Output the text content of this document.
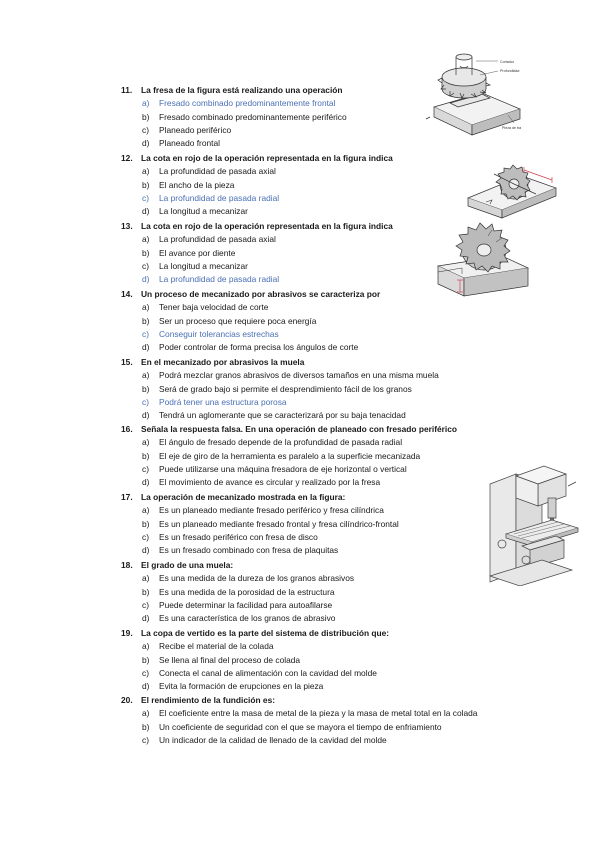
11. La fresa de la figura está realizando una operación
a) Fresado combinado predominantemente frontal
b) Fresado combinado predominantemente periférico
c) Planeado periférico
d) Planeado frontal
12. La cota en rojo de la operación representada en la figura indica
a) La profundidad de pasada axial
b) El ancho de la pieza
c) La profundidad de pasada radial
d) La longitud a mecanizar
13. La cota en rojo de la operación representada en la figura indica
a) La profundidad de pasada axial
b) El avance por diente
c) La longitud a mecanizar
d) La profundidad de pasada radial
14. Un proceso de mecanizado por abrasivos se caracteriza por
a) Tener baja velocidad de corte
b) Ser un proceso que requiere poca energía
c) Conseguir tolerancias estrechas
d) Poder controlar de forma precisa los ángulos de corte
15. En el mecanizado por abrasivos la muela
a) Podrá mezclar granos abrasivos de diversos tamaños en una misma muela
b) Será de grado bajo si permite el desprendimiento fácil de los granos
c) Podrá tener una estructura porosa
d) Tendrá un aglomerante que se caracterizará por su baja tenacidad
16. Señala la respuesta falsa. En una operación de planeado con fresado periférico
a) El ángulo de fresado depende de la profundidad de pasada radial
b) El eje de giro de la herramienta es paralelo a la superficie mecanizada
c) Puede utilizarse una máquina fresadora de eje horizontal o vertical
d) El movimiento de avance es circular y realizado por la fresa
17. La operación de mecanizado mostrada en la figura:
a) Es un planeado mediante fresado periférico y fresa cilíndrica
b) Es un planeado mediante fresado frontal y fresa cilíndrico-frontal
c) Es un fresado periférico con fresa de disco
d) Es un fresado combinado con fresa de plaquitas
18. El grado de una muela:
a) Es una medida de la dureza de los granos abrasivos
b) Es una medida de la porosidad de la estructura
c) Puede determinar la facilidad para autoafilarse
d) Es una característica de los granos de abrasivo
19. La copa de vertido es la parte del sistema de distribución que:
a) Recibe el material de la colada
b) Se llena al final del proceso de colada
c) Conecta el canal de alimentación con la cavidad del molde
d) Evita la formación de erupciones en la pieza
20. El rendimiento de la fundición es:
a) El coeficiente entre la masa de metal de la pieza y la masa de metal total en la colada
b) Un coeficiente de seguridad con el que se mayora el tiempo de enfriamiento
c) Un indicador de la calidad de llenado de la cavidad del molde
Cortador
Profundidad
Pieza de tra
